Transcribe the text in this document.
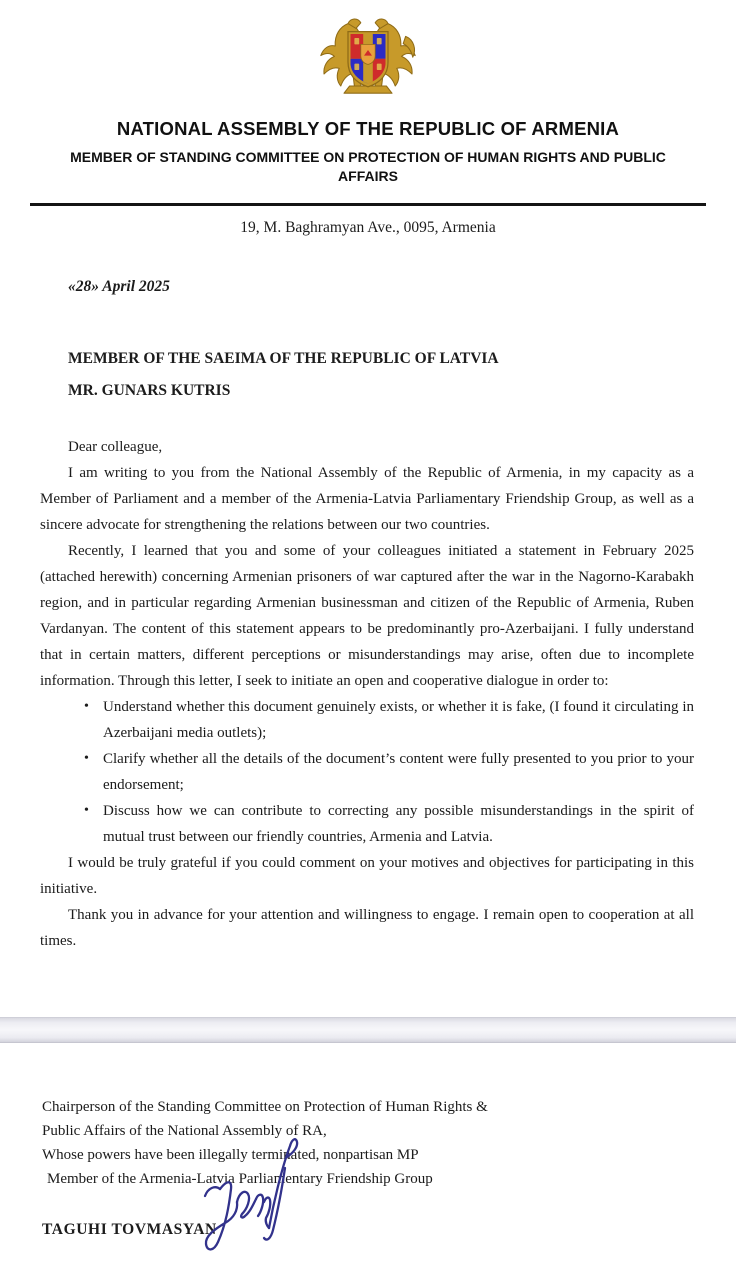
NATIONAL ASSEMBLY OF THE REPUBLIC OF ARMENIA
MEMBER OF STANDING COMMITTEE ON PROTECTION OF HUMAN RIGHTS AND PUBLIC AFFAIRS
19, M. Baghramyan Ave., 0095, Armenia
«28» April 2025
MEMBER OF THE SAEIMA OF THE REPUBLIC OF LATVIA
MR. GUNARS KUTRIS
Dear colleague,

I am writing to you from the National Assembly of the Republic of Armenia, in my capacity as a Member of Parliament and a member of the Armenia-Latvia Parliamentary Friendship Group, as well as a sincere advocate for strengthening the relations between our two countries.

Recently, I learned that you and some of your colleagues initiated a statement in February 2025 (attached herewith) concerning Armenian prisoners of war captured after the war in the Nagorno-Karabakh region, and in particular regarding Armenian businessman and citizen of the Republic of Armenia, Ruben Vardanyan. The content of this statement appears to be predominantly pro-Azerbaijani. I fully understand that in certain matters, different perceptions or misunderstandings may arise, often due to incomplete information. Through this letter, I seek to initiate an open and cooperative dialogue in order to:

• Understand whether this document genuinely exists, or whether it is fake, (I found it circulating in Azerbaijani media outlets);
• Clarify whether all the details of the document’s content were fully presented to you prior to your endorsement;
• Discuss how we can contribute to correcting any possible misunderstandings in the spirit of mutual trust between our friendly countries, Armenia and Latvia.

I would be truly grateful if you could comment on your motives and objectives for participating in this initiative.

Thank you in advance for your attention and willingness to engage. I remain open to cooperation at all times.

Chairperson of the Standing Committee on Protection of Human Rights &
Public Affairs of the National Assembly of RA,
Whose powers have been illegally terminated, nonpartisan MP
Member of the Armenia-Latvia Parliamentary Friendship Group
TAGUHI TOVMASYAN
